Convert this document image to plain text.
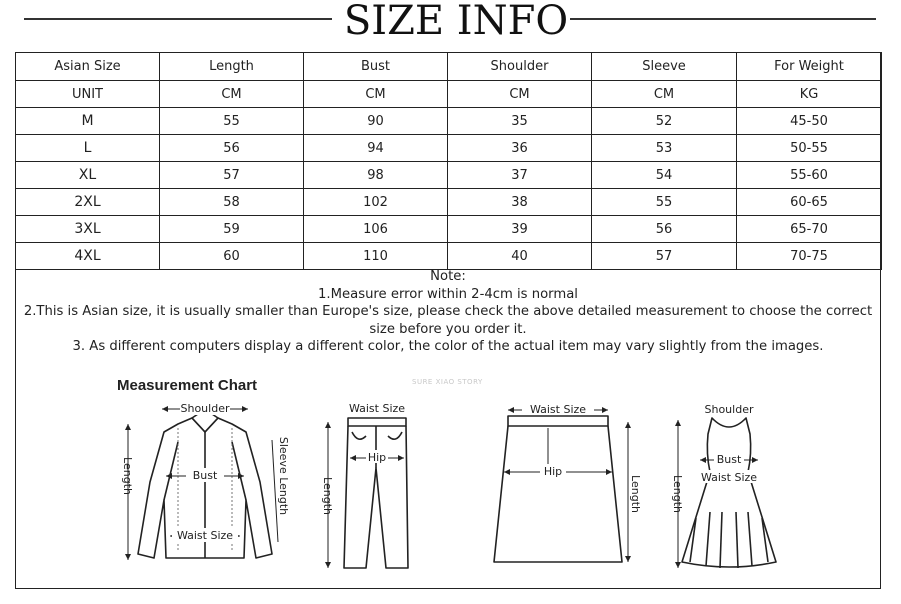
SIZE INFO
Asian Size	Length	Bust	Shoulder	Sleeve	For Weight
UNIT	CM	CM	CM	CM	KG
M	55	90	35	52	45-50
L	56	94	36	53	50-55
XL	57	98	37	54	55-60
2XL	58	102	38	55	60-65
3XL	59	106	39	56	65-70
4XL	60	110	40	57	70-75
Note:
1.Measure error within 2-4cm is normal
2.This is Asian size, it is usually smaller than Europe's size, please check the above detailed measurement to choose the correct size before you order it.
3. As different computers display a different color, the color of the actual item may vary slightly from the images.
Measurement Chart	SURE XIAO STORY
Shoulder
Bust
Waist Size
Length	Sleeve Length
Waist Size
Hip
Length
Waist Size
Hip
Length
Shoulder
Bust
Waist Size
Length
